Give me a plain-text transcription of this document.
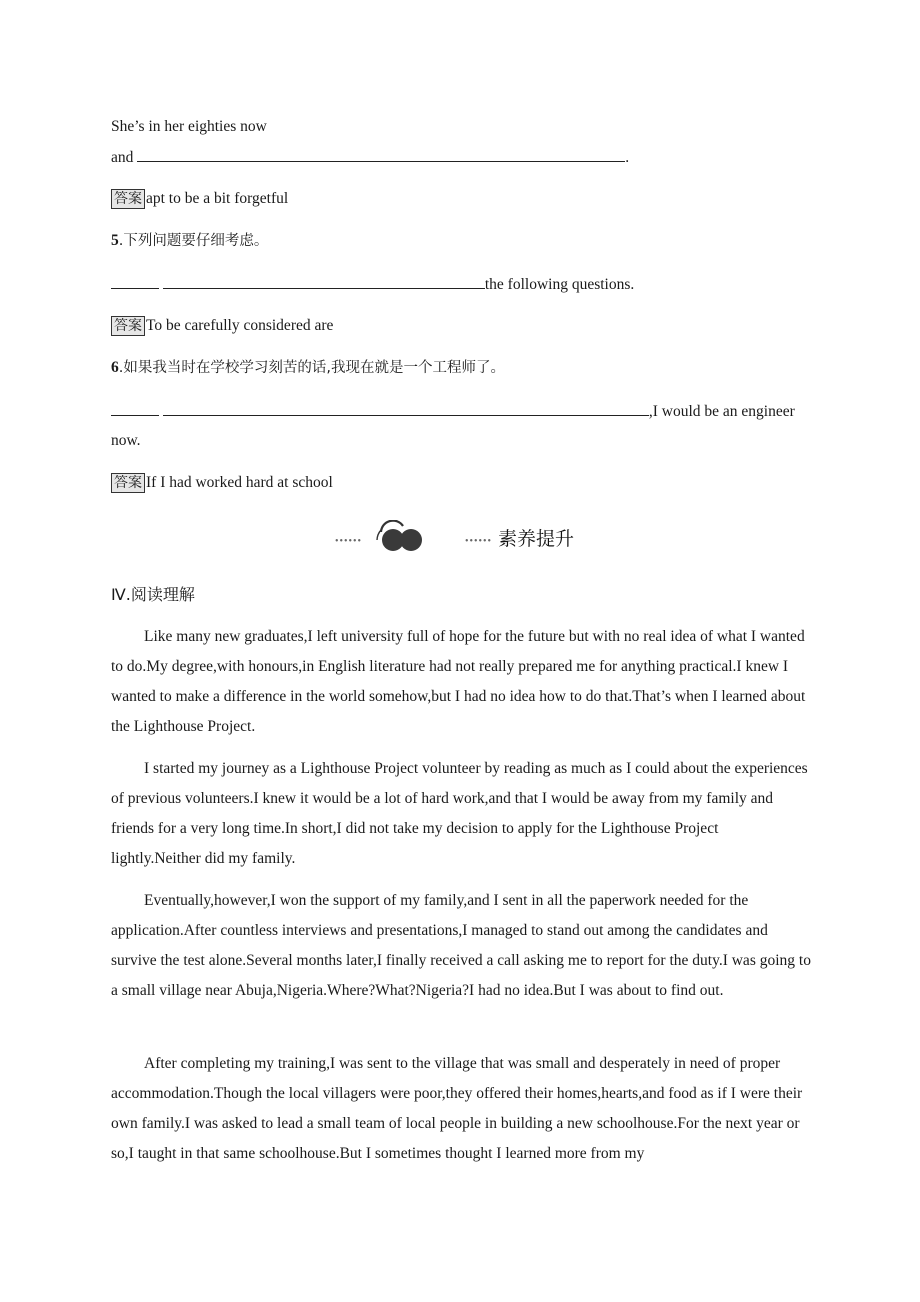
She’s in her eighties now
and	.
答案 apt to be a bit forgetful
5.下列问题要仔细考虑。
the following questions.
答案 To be carefully considered are
6.如果我当时在学校学习刻苦的话,我现在就是一个工程师了。
,I would be an engineer
now.
答案 If I had worked hard at school
••••••	•••••• 素养提升
Ⅳ.阅读理解
Like many new graduates,I left university full of hope for the future but with no real idea of what I wanted to do.My degree,with honours,in English literature had not really prepared me for anything practical.I knew I wanted to make a difference in the world somehow,but I had no idea how to do that.That’s when I learned about the Lighthouse Project.
I started my journey as a Lighthouse Project volunteer by reading as much as I could about the experiences of previous volunteers.I knew it would be a lot of hard work,and that I would be away from my family and friends for a very long time.In short,I did not take my decision to apply for the Lighthouse Project lightly.Neither did my family.
Eventually,however,I won the support of my family,and I sent in all the paperwork needed for the application.After countless interviews and presentations,I managed to stand out among the candidates and survive the test alone.Several months later,I finally received a call asking me to report for the duty.I was going to a small village near Abuja,Nigeria.Where?What?Nigeria?I had no idea.But I was about to find out.
After completing my training,I was sent to the village that was small and desperately in need of proper accommodation.Though the local villagers were poor,they offered their homes,hearts,and food as if I were their own family.I was asked to lead a small team of local people in building a new schoolhouse.For the next year or so,I taught in that same schoolhouse.But I sometimes thought I learned more from my
